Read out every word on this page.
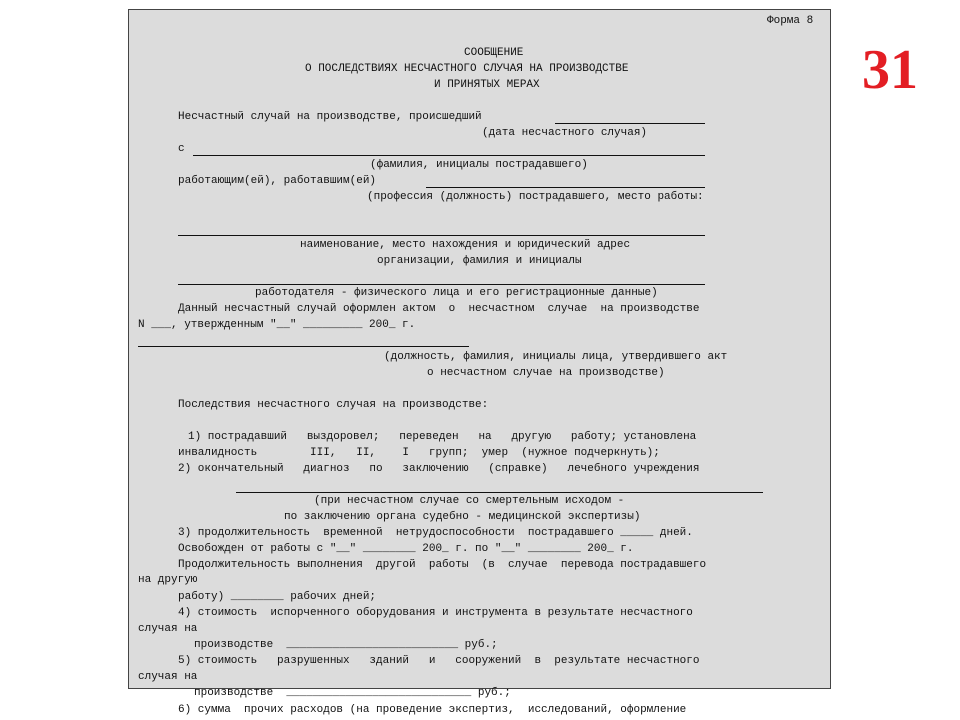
Форма 8
СООБЩЕНИЕ
О ПОСЛЕДСТВИЯХ НЕСЧАСТНОГО СЛУЧАЯ НА ПРОИЗВОДСТВЕ
И ПРИНЯТЫХ МЕРАХ
Несчастный случай на производстве, происшедший
(дата несчастного случая)
с
(фамилия, инициалы пострадавшего)
работающим(ей), работавшим(ей)
(профессия (должность) пострадавшего, место работы:
наименование, место нахождения и юридический адрес
организации, фамилия и инициалы
работодателя - физического лица и его регистрационные данные)
Данный несчастный случай оформлен актом  о  несчастном  случае  на производстве
N ___, утвержденным "__" _________ 200_ г.
(должность, фамилия, инициалы лица, утвердившего акт
о несчастном случае на производстве)
Последствия несчастного случая на производстве:
1) пострадавший   выздоровел;   переведен   на   другую   работу; установлена
инвалидность        III,   II,    I   групп;  умер  (нужное подчеркнуть);
2) окончательный   диагноз   по   заключению   (справке)   лечебного учреждения
(при несчастном случае со смертельным исходом -
по заключению органа судебно - медицинской экспертизы)
3) продолжительность  временной  нетрудоспособности  пострадавшего _____ дней.
Освобожден от работы с "__" ________ 200_ г. по "__" ________ 200_ г.
Продолжительность выполнения  другой  работы  (в  случае  перевода пострадавшего
на другую
работу) ________ рабочих дней;
4) стоимость  испорченного оборудования и инструмента в результате несчастного
случая на
производстве  __________________________ руб.;
5) стоимость   разрушенных   зданий   и   сооружений  в  результате несчастного
случая на
производстве  ____________________________ руб.;
6) сумма  прочих расходов (на проведение экспертиз,  исследований, оформление
31
